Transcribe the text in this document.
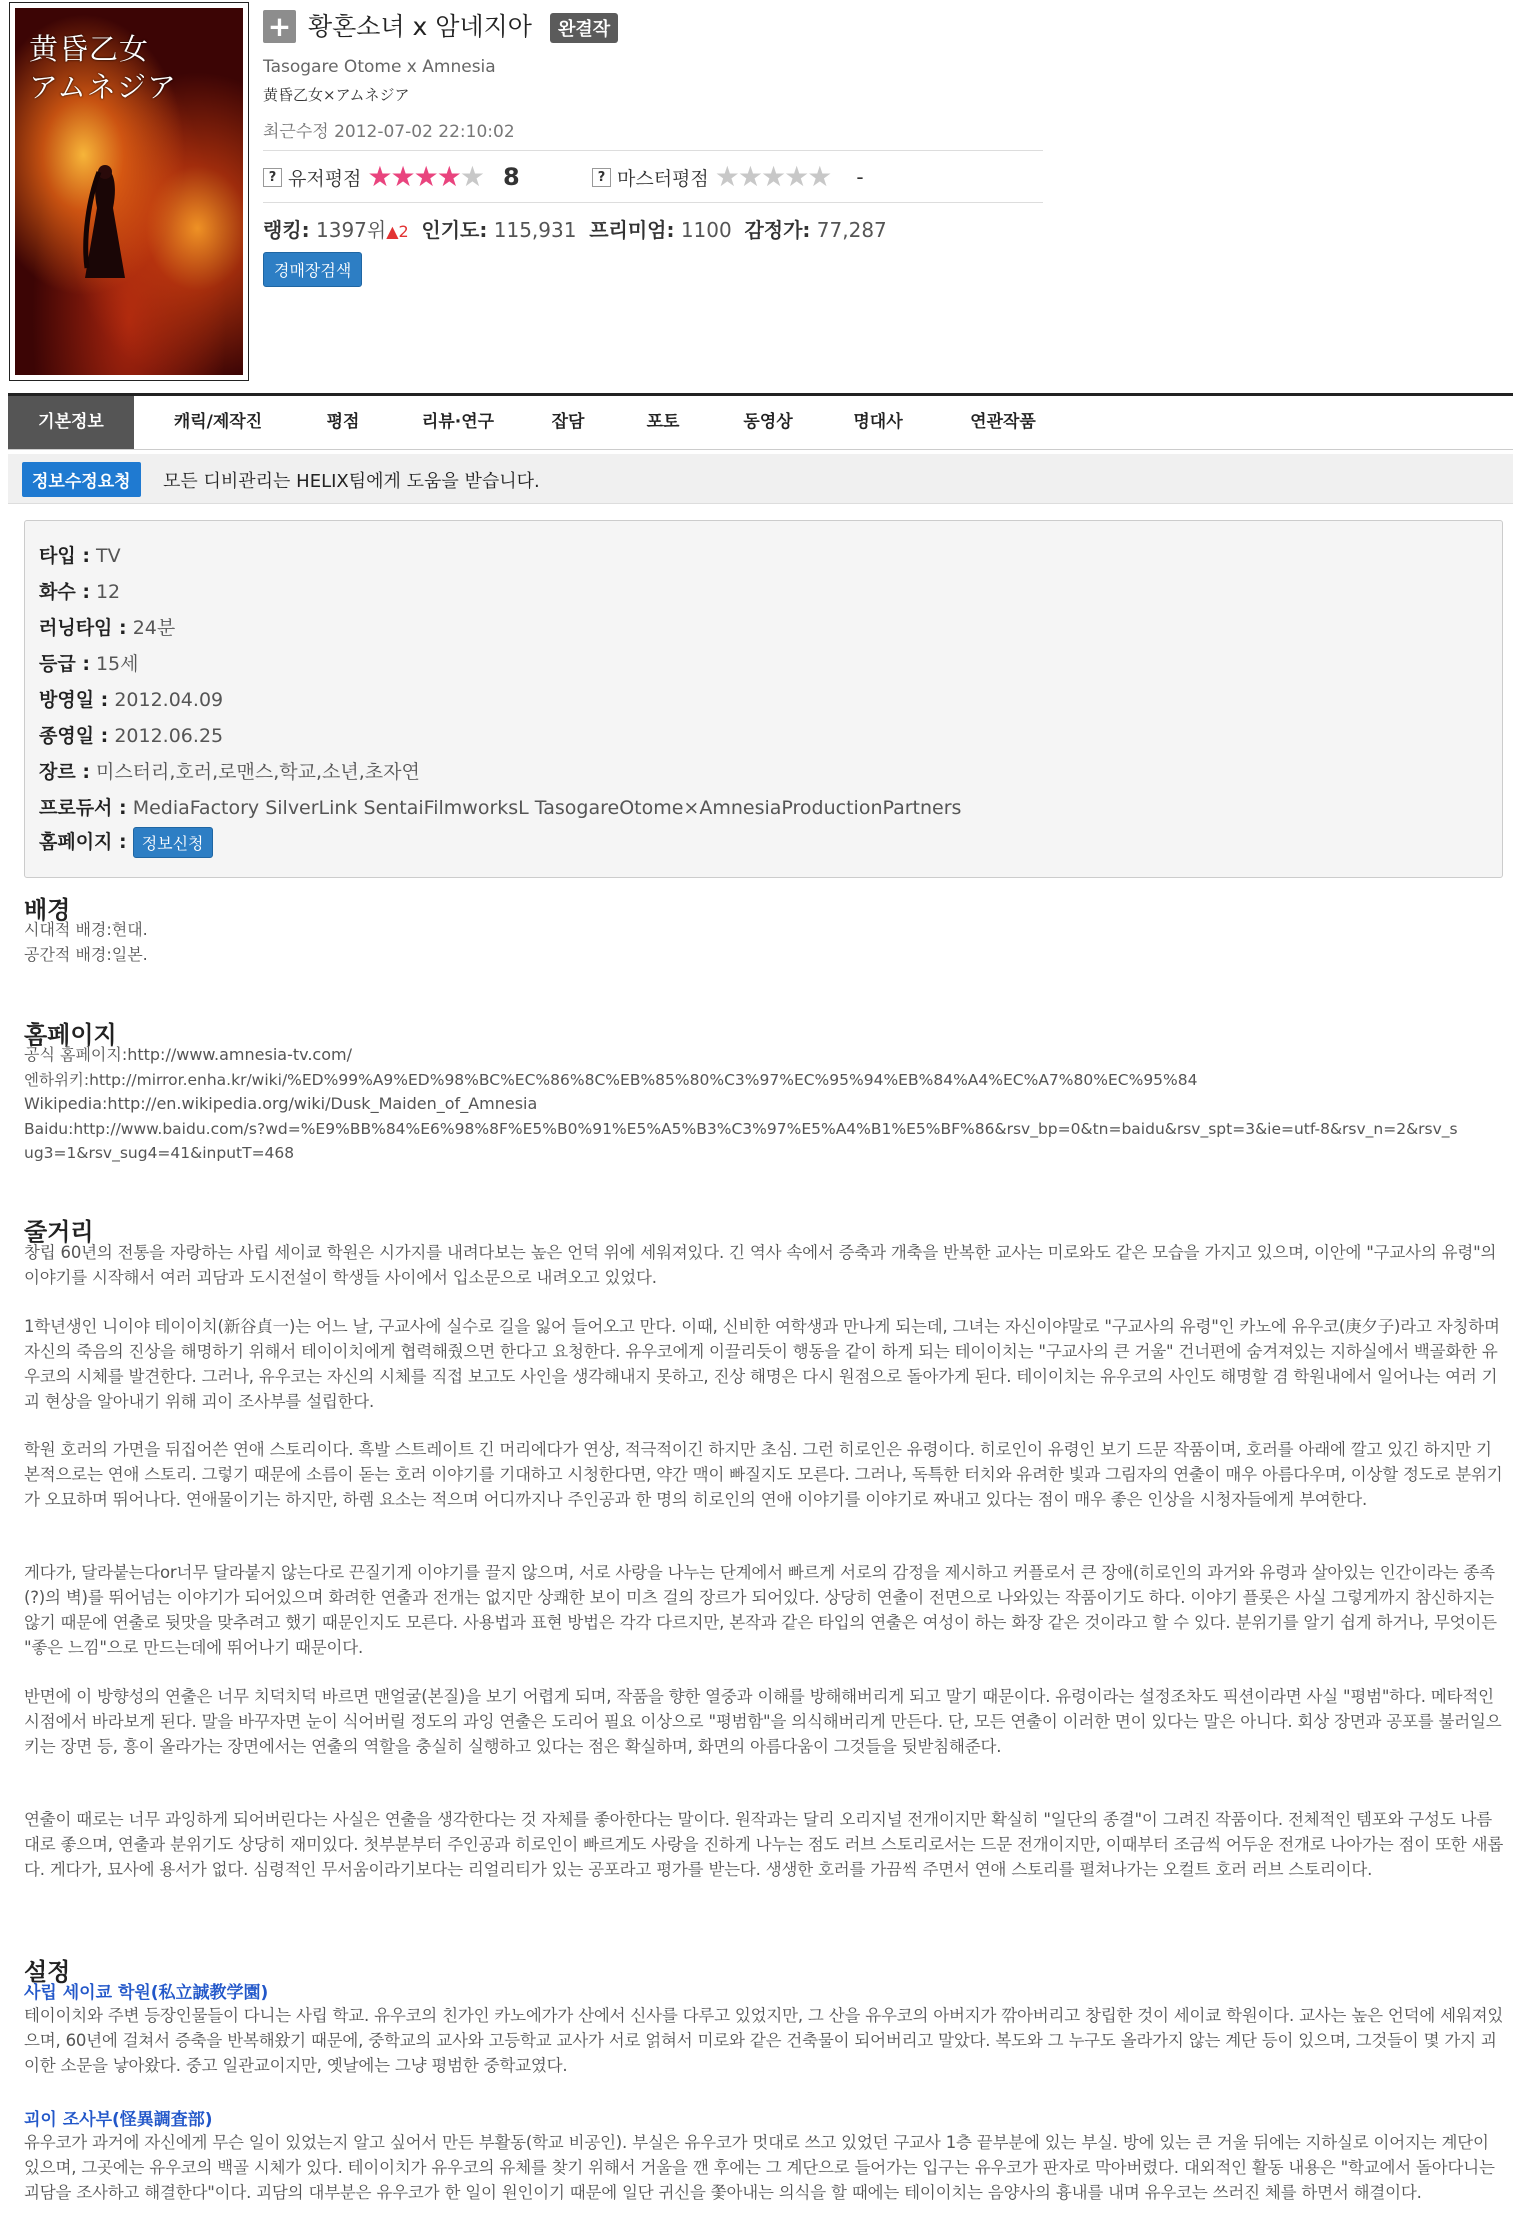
黄昏乙女
アムネジア
+ 황혼소녀 x 암네지아	완결작
Tasogare Otome x Amnesia
黄昏乙女×アムネジア
최근수정 2012-07-02 22:10:02
? 유저평점 ★★★★★ 8	? 마스터평점 ★★★★★ -
랭킹: 1397위▲2 인기도: 115,931 프리미엄: 1100 감정가: 77,287
경매장검색
기본정보	캐릭/제작진	평점	리뷰·연구	잡담	포토	동영상	명대사	연관작품
정보수정요청	모든 디비관리는 HELIX팀에게 도움을 받습니다.
타입 : TV
화수 : 12
러닝타임 : 24분
등급 : 15세
방영일 : 2012.04.09
종영일 : 2012.06.25
장르 : 미스터리,호러,로맨스,학교,소년,초자연
프로듀서 : MediaFactory SilverLink SentaiFilmworksL TasogareOtome×AmnesiaProductionPartners
홈페이지 : 정보신청
배경
시대적 배경:현대.
공간적 배경:일본.
홈페이지
공식 홈페이지:http://www.amnesia-tv.com/
엔하위키:http://mirror.enha.kr/wiki/%ED%99%A9%ED%98%BC%EC%86%8C%EB%85%80%C3%97%EC%95%94%EB%84%A4%EC%A7%80%EC%95%84
Wikipedia:http://en.wikipedia.org/wiki/Dusk_Maiden_of_Amnesia
Baidu:http://www.baidu.com/s?wd=%E9%BB%84%E6%98%8F%E5%B0%91%E5%A5%B3%C3%97%E5%A4%B1%E5%BF%86&rsv_bp=0&tn=baidu&rsv_spt=3&ie=utf-8&rsv_n=2&rsv_s
ug3=1&rsv_sug4=41&inputT=468
줄거리
창립 60년의 전통을 자랑하는 사립 세이쿄 학원은 시가지를 내려다보는 높은 언덕 위에 세워져있다. 긴 역사 속에서 증축과 개축을 반복한 교사는 미로와도 같은 모습을 가지고 있으며, 이안에 "구교사의 유령"의 이야기를 시작해서 여러 괴담과 도시전설이 학생들 사이에서 입소문으로 내려오고 있었다.
1학년생인 니이야 테이이치(新谷貞一)는 어느 날, 구교사에 실수로 길을 잃어 들어오고 만다. 이때, 신비한 여학생과 만나게 되는데, 그녀는 자신이야말로 "구교사의 유령"인 카노에 유우코(庚夕子)라고 자칭하며 자신의 죽음의 진상을 해명하기 위해서 테이이치에게 협력해줬으면 한다고 요청한다. 유우코에게 이끌리듯이 행동을 같이 하게 되는 테이이치는 "구교사의 큰 거울" 건너편에 숨겨져있는 지하실에서 백골화한 유우코의 시체를 발견한다. 그러나, 유우코는 자신의 시체를 직접 보고도 사인을 생각해내지 못하고, 진상 해명은 다시 원점으로 돌아가게 된다. 테이이치는 유우코의 사인도 해명할 겸 학원내에서 일어나는 여러 기괴 현상을 알아내기 위해 괴이 조사부를 설립한다.
학원 호러의 가면을 뒤집어쓴 연애 스토리이다. 흑발 스트레이트 긴 머리에다가 연상, 적극적이긴 하지만 초심. 그런 히로인은 유령이다. 히로인이 유령인 보기 드문 작품이며, 호러를 아래에 깔고 있긴 하지만 기본적으로는 연애 스토리. 그렇기 때문에 소름이 돋는 호러 이야기를 기대하고 시청한다면, 약간 맥이 빠질지도 모른다. 그러나, 독특한 터치와 유려한 빛과 그림자의 연출이 매우 아름다우며, 이상할 정도로 분위기가 오묘하며 뛰어나다. 연애물이기는 하지만, 하렘 요소는 적으며 어디까지나 주인공과 한 명의 히로인의 연애 이야기를 이야기로 짜내고 있다는 점이 매우 좋은 인상을 시청자들에게 부여한다.
게다가, 달라붙는다or너무 달라붙지 않는다로 끈질기게 이야기를 끌지 않으며, 서로 사랑을 나누는 단계에서 빠르게 서로의 감정을 제시하고 커플로서 큰 장애(히로인의 과거와 유령과 살아있는 인간이라는 종족(?)의 벽)를 뛰어넘는 이야기가 되어있으며 화려한 연출과 전개는 없지만 상쾌한 보이 미츠 걸의 장르가 되어있다. 상당히 연출이 전면으로 나와있는 작품이기도 하다. 이야기 플롯은 사실 그렇게까지 참신하지는 않기 때문에 연출로 뒷맛을 맞추려고 했기 때문인지도 모른다. 사용법과 표현 방법은 각각 다르지만, 본작과 같은 타입의 연출은 여성이 하는 화장 같은 것이라고 할 수 있다. 분위기를 알기 쉽게 하거나, 무엇이든 "좋은 느낌"으로 만드는데에 뛰어나기 때문이다.
반면에 이 방향성의 연출은 너무 치덕치덕 바르면 맨얼굴(본질)을 보기 어렵게 되며, 작품을 향한 열중과 이해를 방해해버리게 되고 말기 때문이다. 유령이라는 설정조차도 픽션이라면 사실 "평범"하다. 메타적인 시점에서 바라보게 된다. 말을 바꾸자면 눈이 식어버릴 정도의 과잉 연출은 도리어 필요 이상으로 "평범함"을 의식해버리게 만든다. 단, 모든 연출이 이러한 면이 있다는 말은 아니다. 회상 장면과 공포를 불러일으키는 장면 등, 흥이 올라가는 장면에서는 연출의 역할을 충실히 실행하고 있다는 점은 확실하며, 화면의 아름다움이 그것들을 뒷받침해준다.
연출이 때로는 너무 과잉하게 되어버린다는 사실은 연출을 생각한다는 것 자체를 좋아한다는 말이다. 원작과는 달리 오리지널 전개이지만 확실히 "일단의 종결"이 그려진 작품이다. 전체적인 템포와 구성도 나름대로 좋으며, 연출과 분위기도 상당히 재미있다. 첫부분부터 주인공과 히로인이 빠르게도 사랑을 진하게 나누는 점도 러브 스토리로서는 드문 전개이지만, 이때부터 조금씩 어두운 전개로 나아가는 점이 또한 새롭다. 게다가, 묘사에 용서가 없다. 심령적인 무서움이라기보다는 리얼리티가 있는 공포라고 평가를 받는다. 생생한 호러를 가끔씩 주면서 연애 스토리를 펼쳐나가는 오컬트 호러 러브 스토리이다.
설정
사립 세이쿄 학원(私立誠教学園)
테이이치와 주변 등장인물들이 다니는 사립 학교. 유우코의 친가인 카노에가가 산에서 신사를 다루고 있었지만, 그 산을 유우코의 아버지가 깎아버리고 창립한 것이 세이쿄 학원이다. 교사는 높은 언덕에 세워져있으며, 60년에 걸쳐서 증축을 반복해왔기 때문에, 중학교의 교사와 고등학교 교사가 서로 얽혀서 미로와 같은 건축물이 되어버리고 말았다. 복도와 그 누구도 올라가지 않는 계단 등이 있으며, 그것들이 몇 가지 괴이한 소문을 낳아왔다. 중고 일관교이지만, 옛날에는 그냥 평범한 중학교였다.
괴이 조사부(怪異調査部)
유우코가 과거에 자신에게 무슨 일이 있었는지 알고 싶어서 만든 부활동(학교 비공인). 부실은 유우코가 멋대로 쓰고 있었던 구교사 1층 끝부분에 있는 부실. 방에 있는 큰 거울 뒤에는 지하실로 이어지는 계단이 있으며, 그곳에는 유우코의 백골 시체가 있다. 테이이치가 유우코의 유체를 찾기 위해서 거울을 깬 후에는 그 계단으로 들어가는 입구는 유우코가 판자로 막아버렸다. 대외적인 활동 내용은 "학교에서 돌아다니는 괴담을 조사하고 해결한다"이다. 괴담의 대부분은 유우코가 한 일이 원인이기 때문에 일단 귀신을 쫓아내는 의식을 할 때에는 테이이치는 음양사의 흉내를 내며 유우코는 쓰러진 체를 하면서 해결이다.
